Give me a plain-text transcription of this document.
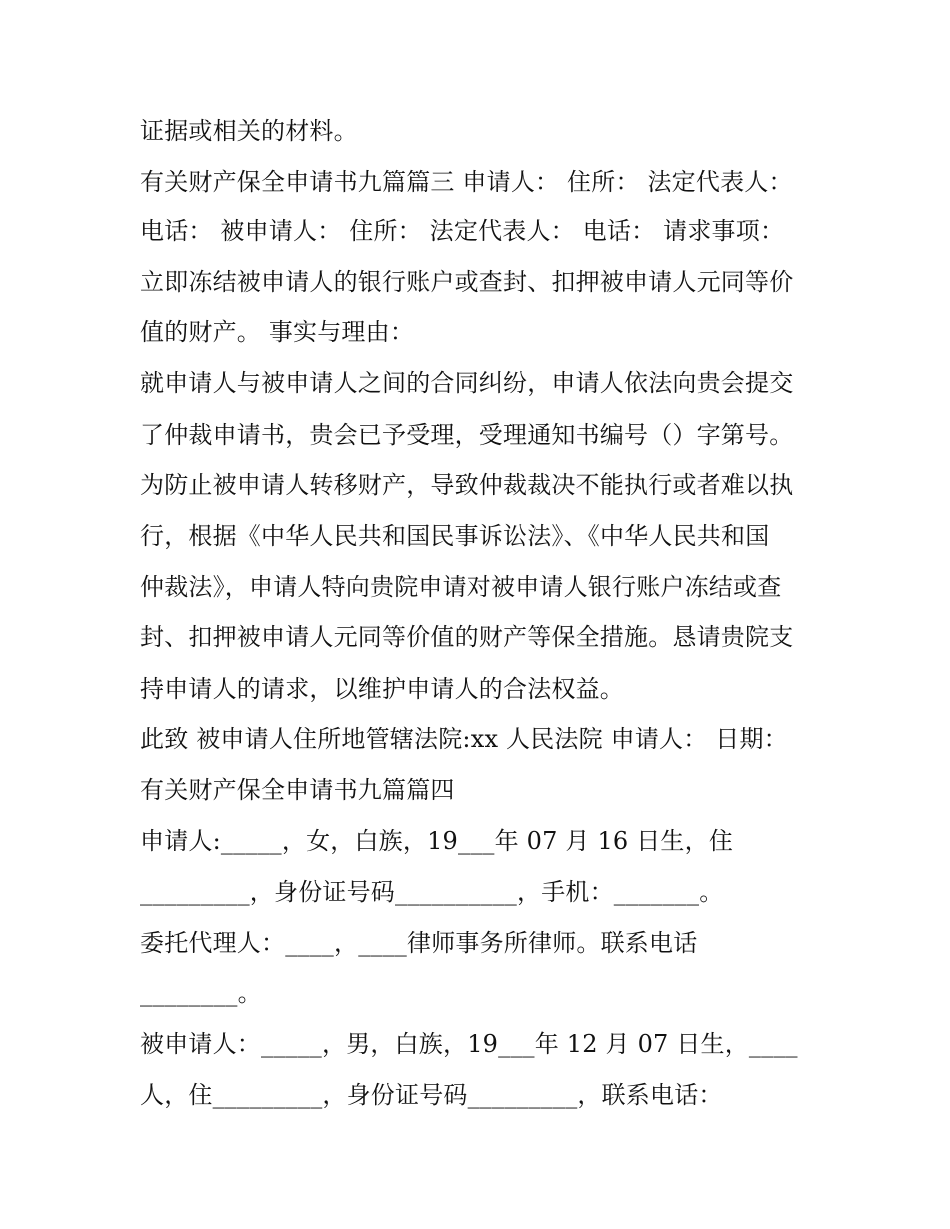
证据或相关的材料。
有关财产保全申请书九篇篇三 申请人： 住所： 法定代表人：
电话： 被申请人： 住所： 法定代表人： 电话： 请求事项：
立即冻结被申请人的银行账户或查封、扣押被申请人元同等价
值的财产。 事实与理由：
就申请人与被申请人之间的合同纠纷，申请人依法向贵会提交
了仲裁申请书，贵会已予受理，受理通知书编号（）字第号。
为防止被申请人转移财产，导致仲裁裁决不能执行或者难以执
行，根据《中华人民共和国民事诉讼法》、《中华人民共和国
仲裁法》，申请人特向贵院申请对被申请人银行账户冻结或查
封、扣押被申请人元同等价值的财产等保全措施。恳请贵院支
持申请人的请求，以维护申请人的合法权益。
此致 被申请人住所地管辖法院:xx 人民法院 申请人： 日期：
有关财产保全申请书九篇篇四
申请人:_____，女，白族，19___年 07 月 16 日生，住
_________，身份证号码__________，手机：_______。
委托代理人：____，____律师事务所律师。联系电话
________。
被申请人：_____，男，白族，19___年 12 月 07 日生，____
人，住_________，身份证号码_________，联系电话：
